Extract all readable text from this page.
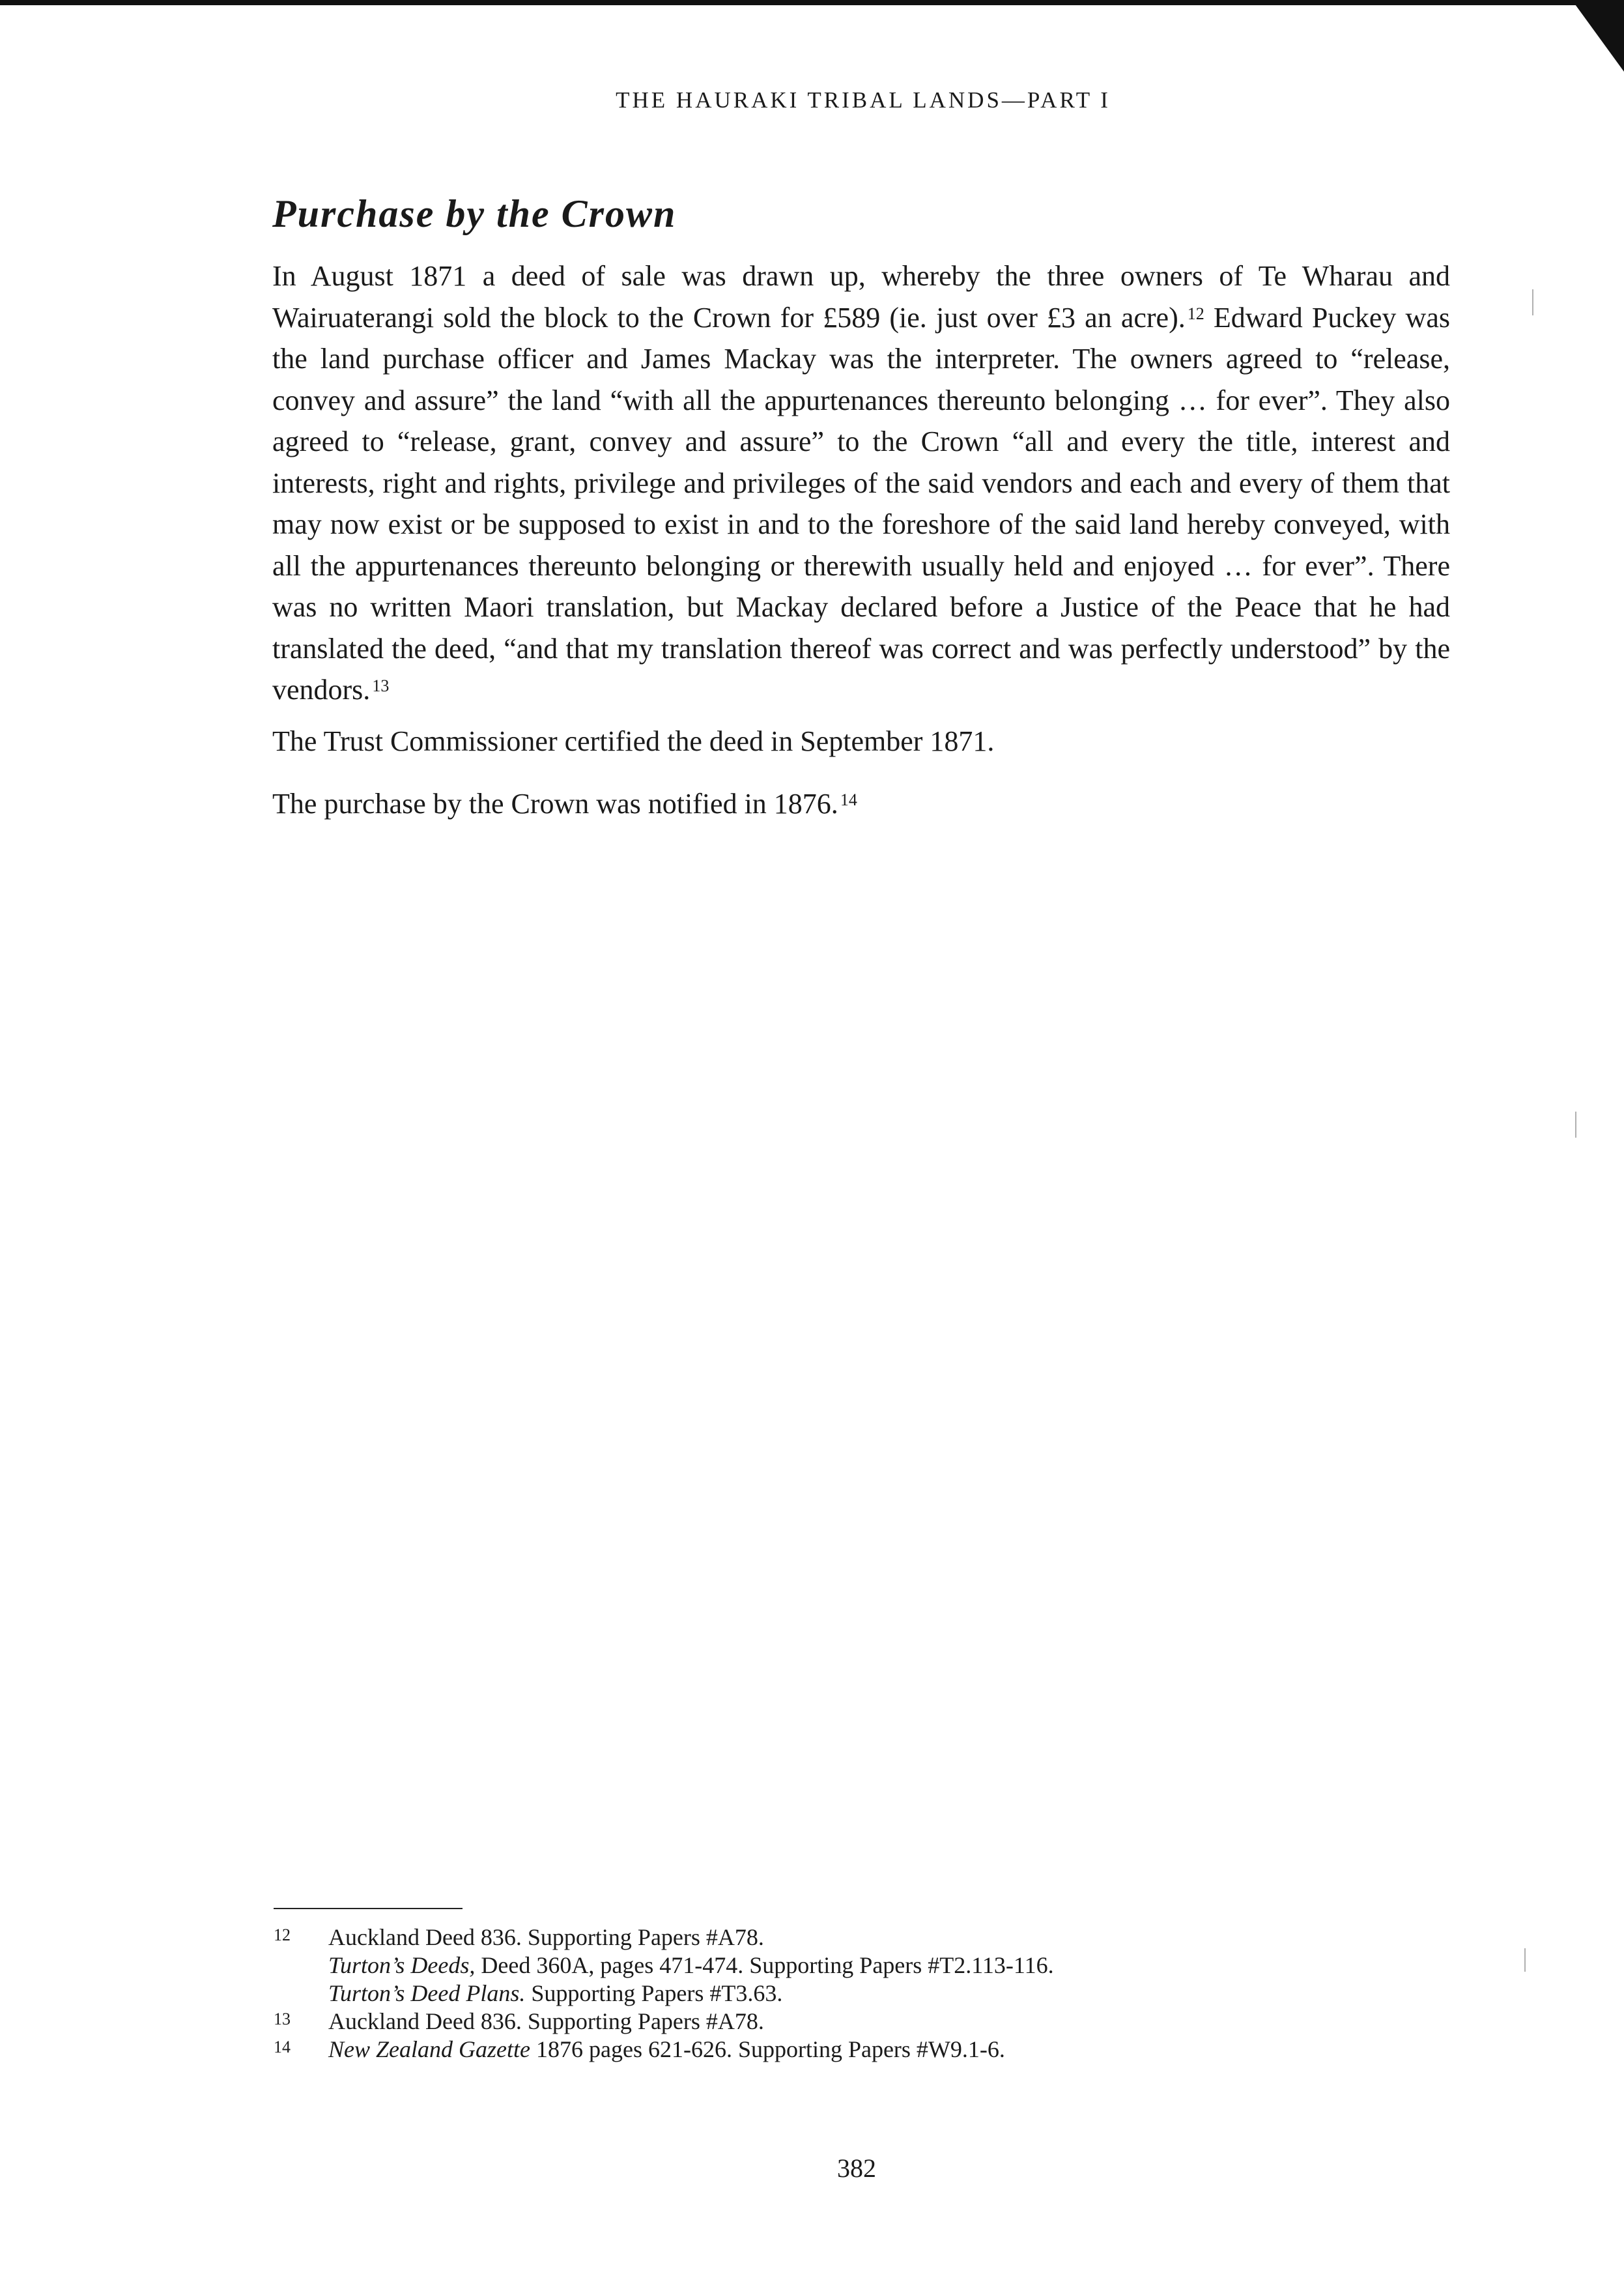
THE HAURAKI TRIBAL LANDS—PART I
Purchase by the Crown
In August 1871 a deed of sale was drawn up, whereby the three owners of Te Wharau and Wairuaterangi sold the block to the Crown for £589 (ie. just over £3 an acre). $^{12}$ Edward Puckey was the land purchase officer and James Mackay was the interpreter. The owners agreed to “release, convey and assure” the land “with all the appurtenances thereunto belonging … for ever”. They also agreed to “release, grant, convey and assure” to the Crown “all and every the title, interest and interests, right and rights, privilege and privileges of the said vendors and each and every of them that may now exist or be supposed to exist in and to the foreshore of the said land hereby conveyed, with all the appurtenances thereunto belonging or therewith usually held and enjoyed … for ever”. There was no written Maori translation, but Mackay declared before a Justice of the Peace that he had translated the deed, “and that my translation thereof was correct and was perfectly understood” by the vendors. $^{13}$
The Trust Commissioner certified the deed in September 1871.
The purchase by the Crown was notified in 1876. $^{14}$
12 Auckland Deed 836. Supporting Papers #A78.
Turton’s Deeds, Deed 360A, pages 471-474. Supporting Papers #T2.113-116.
Turton’s Deed Plans. Supporting Papers #T3.63.
13 Auckland Deed 836. Supporting Papers #A78.
14 New Zealand Gazette 1876 pages 621-626. Supporting Papers #W9.1-6.
382
